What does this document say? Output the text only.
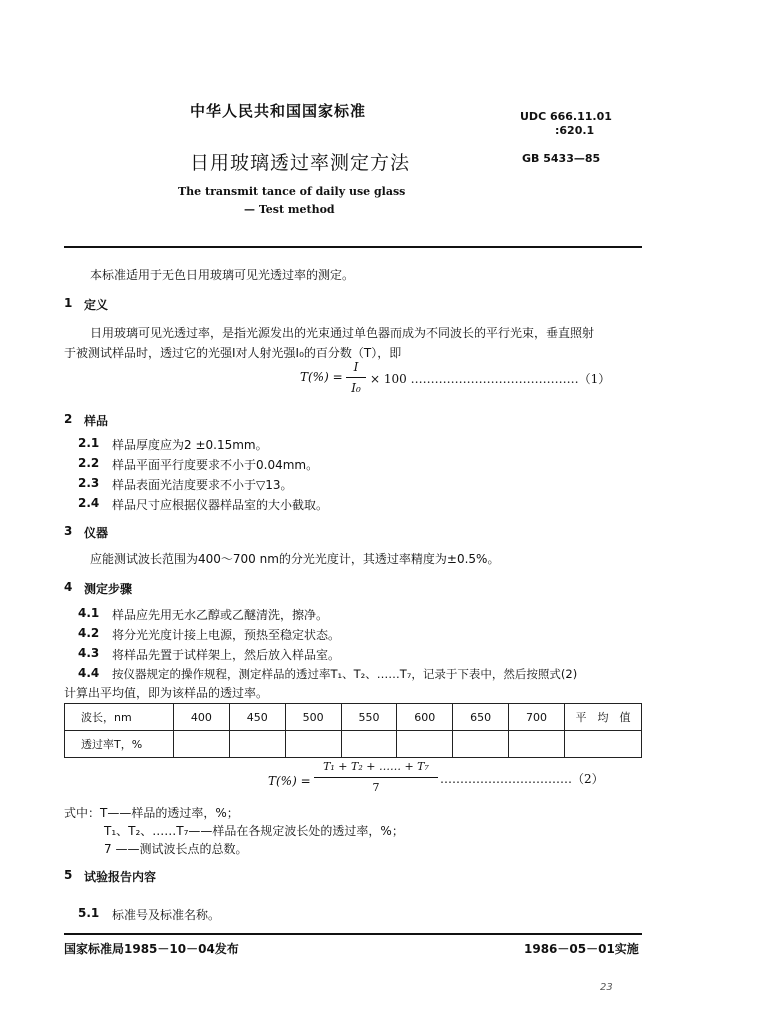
中华人民共和国国家标准	UDC 666.11.01
:620.1
日用玻璃透过率测定方法	GB 5433—85
The transmit tance of daily use glass
— Test method
本标准适用于无色日用玻璃可见光透过率的测定。
1 定义
日用玻璃可见光透过率，是指光源发出的光束通过单色器而成为不同波长的平行光束，垂直照射
于被测试样品时，透过它的光强I对人射光强I₀的百分数（T），即
T(%) =
I
I₀
× 100 ……………………………………（1）
2 样品
2.1 样品厚度应为2 ±0.15mm。
2.2 样品平面平行度要求不小于0.04mm。
2.3 样品表面光洁度要求不小于▽13。
2.4 样品尺寸应根据仪器样品室的大小截取。
3 仪器
应能测试波长范围为400～700 nm的分光光度计，其透过率精度为±0.5%。
4 测定步骤
4.1 样品应先用无水乙醇或乙醚清洗，擦净。
4.2 将分光光度计接上电源，预热至稳定状态。
4.3 将样品先置于试样架上，然后放入样品室。
4.4 按仪器规定的操作规程，测定样品的透过率T₁、T₂、……T₇，记录于下表中，然后按照式(2)
计算出平均值，即为该样品的透过率。
波长，nm	400	450	500	550	600	650	700	平　均　值
透过率T，%								
T(%) =
T₁ + T₂ + …… + T₇
7
……………………………（2）
式中：T——样品的透过率，%；
T₁、T₂、……T₇——样品在各规定波长处的透过率，%；
7 ——测试波长点的总数。
5 试验报告内容
5.1 标准号及标准名称。
国家标准局1985－10－04发布	1986－05－01实施
23
